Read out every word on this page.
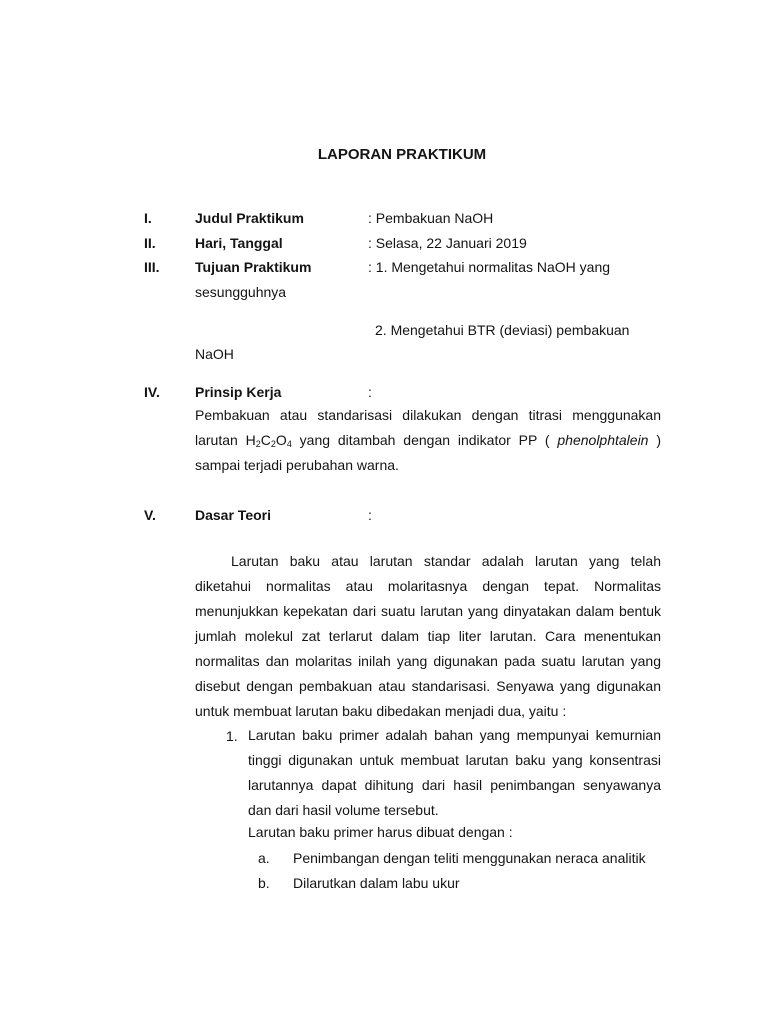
LAPORAN PRAKTIKUM
I.	Judul Praktikum	: Pembakuan NaOH
II.	Hari, Tanggal	: Selasa, 22 Januari 2019
III.	Tujuan Praktikum	: 1. Mengetahui normalitas NaOH yang
sesungguhnya
2. Mengetahui BTR (deviasi) pembakuan
NaOH
IV.	Prinsip Kerja	:
Pembakuan atau standarisasi dilakukan dengan titrasi menggunakan larutan $H_2C_2O_4$ yang ditambah dengan indikator PP ( phenolphtalein ) sampai terjadi perubahan warna.
V.	Dasar Teori	:
Larutan baku atau larutan standar adalah larutan yang telah diketahui normalitas atau molaritasnya dengan tepat. Normalitas menunjukkan kepekatan dari suatu larutan yang dinyatakan dalam bentuk jumlah molekul zat terlarut dalam tiap liter larutan. Cara menentukan normalitas dan molaritas inilah yang digunakan pada suatu larutan yang disebut dengan pembakuan atau standarisasi. Senyawa yang digunakan untuk membuat larutan baku dibedakan menjadi dua, yaitu :
1. Larutan baku primer adalah bahan yang mempunyai kemurnian tinggi digunakan untuk membuat larutan baku yang konsentrasi larutannya dapat dihitung dari hasil penimbangan senyawanya dan dari hasil volume tersebut.
Larutan baku primer harus dibuat dengan :
a. Penimbangan dengan teliti menggunakan neraca analitik
b. Dilarutkan dalam labu ukur
